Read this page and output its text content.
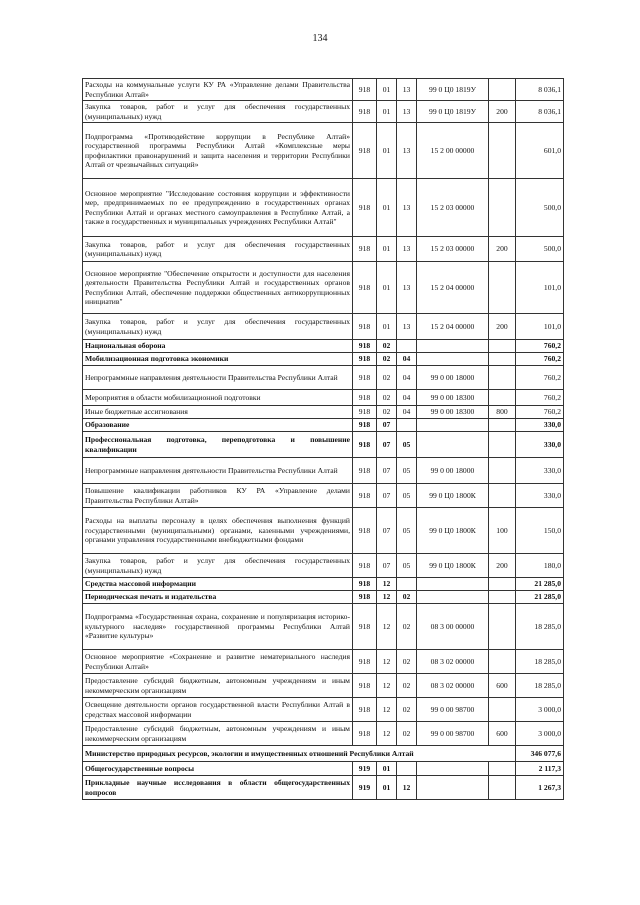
134
Расходы на коммунальные услуги КУ РА «Управление делами Правительства Республики Алтай»	918	01	13	99 0 Ц0 1819У		8 036,1
Закупка товаров, работ и услуг для обеспечения государственных (муниципальных) нужд	918	01	13	99 0 Ц0 1819У	200	8 036,1
Подпрограмма «Противодействие коррупции в Республике Алтай» государственной программы Республики Алтай «Комплексные меры профилактики правонарушений и защита населения и территории Республики Алтай от чрезвычайных ситуаций»	918	01	13	15 2 00 00000		601,0
Основное мероприятие "Исследование состояния коррупции и эффективности мер, предпринимаемых по ее предупреждению в государственных органах Республики Алтай и органах местного самоуправления в Республике Алтай, а также в государственных и муниципальных учреждениях Республики Алтай"	918	01	13	15 2 03 00000		500,0
Закупка товаров, работ и услуг для обеспечения государственных (муниципальных) нужд	918	01	13	15 2 03 00000	200	500,0
Основное мероприятие "Обеспечение открытости и доступности для населения деятельности Правительства Республики Алтай и государственных органов Республики Алтай, обеспечение поддержки общественных антикоррупционных инициатив"	918	01	13	15 2 04 00000		101,0
Закупка товаров, работ и услуг для обеспечения государственных (муниципальных) нужд	918	01	13	15 2 04 00000	200	101,0
Национальная оборона	918	02				760,2
Мобилизационная подготовка экономики	918	02	04			760,2
Непрограммные направления деятельности Правительства Республики Алтай	918	02	04	99 0 00 18000		760,2
Мероприятия в области мобилизационной подготовки	918	02	04	99 0 00 18300		760,2
Иные бюджетные ассигнования	918	02	04	99 0 00 18300	800	760,2
Образование	918	07				330,0
Профессиональная подготовка, переподготовка и повышение квалификации	918	07	05			330,0
Непрограммные направления деятельности Правительства Республики Алтай	918	07	05	99 0 00 18000		330,0
Повышение квалификации работников КУ РА «Управление делами Правительства Республики Алтай»	918	07	05	99 0 Ц0 1800К		330,0
Расходы на выплаты персоналу в целях обеспечения выполнения функций государственными (муниципальными) органами, казенными учреждениями, органами управления государственными внебюджетными фондами	918	07	05	99 0 Ц0 1800К	100	150,0
Закупка товаров, работ и услуг для обеспечения государственных (муниципальных) нужд	918	07	05	99 0 Ц0 1800К	200	180,0
Средства массовой информации	918	12				21 285,0
Периодическая печать и издательства	918	12	02			21 285,0
Подпрограмма «Государственная охрана, сохранение и популяризация историко-культурного наследия» государственной программы Республики Алтай «Развитие культуры»	918	12	02	08 3 00 00000		18 285,0
Основное мероприятие «Сохранение и развитие нематериального наследия Республики Алтай»	918	12	02	08 3 02 00000		18 285,0
Предоставление субсидий бюджетным, автономным учреждениям и иным некоммерческим организациям	918	12	02	08 3 02 00000	600	18 285,0
Освещение деятельности органов государственной власти Республики Алтай в средствах массовой информации	918	12	02	99 0 00 98700		3 000,0
Предоставление субсидий бюджетным, автономным учреждениям и иным некоммерческим организациям	918	12	02	99 0 00 98700	600	3 000,0
Министерство природных ресурсов, экологии и имущественных отношений Республики Алтай						346 077,6
Общегосударственные вопросы	919	01				2 117,3
Прикладные научные исследования в области общегосударственных вопросов	919	01	12			1 267,3
